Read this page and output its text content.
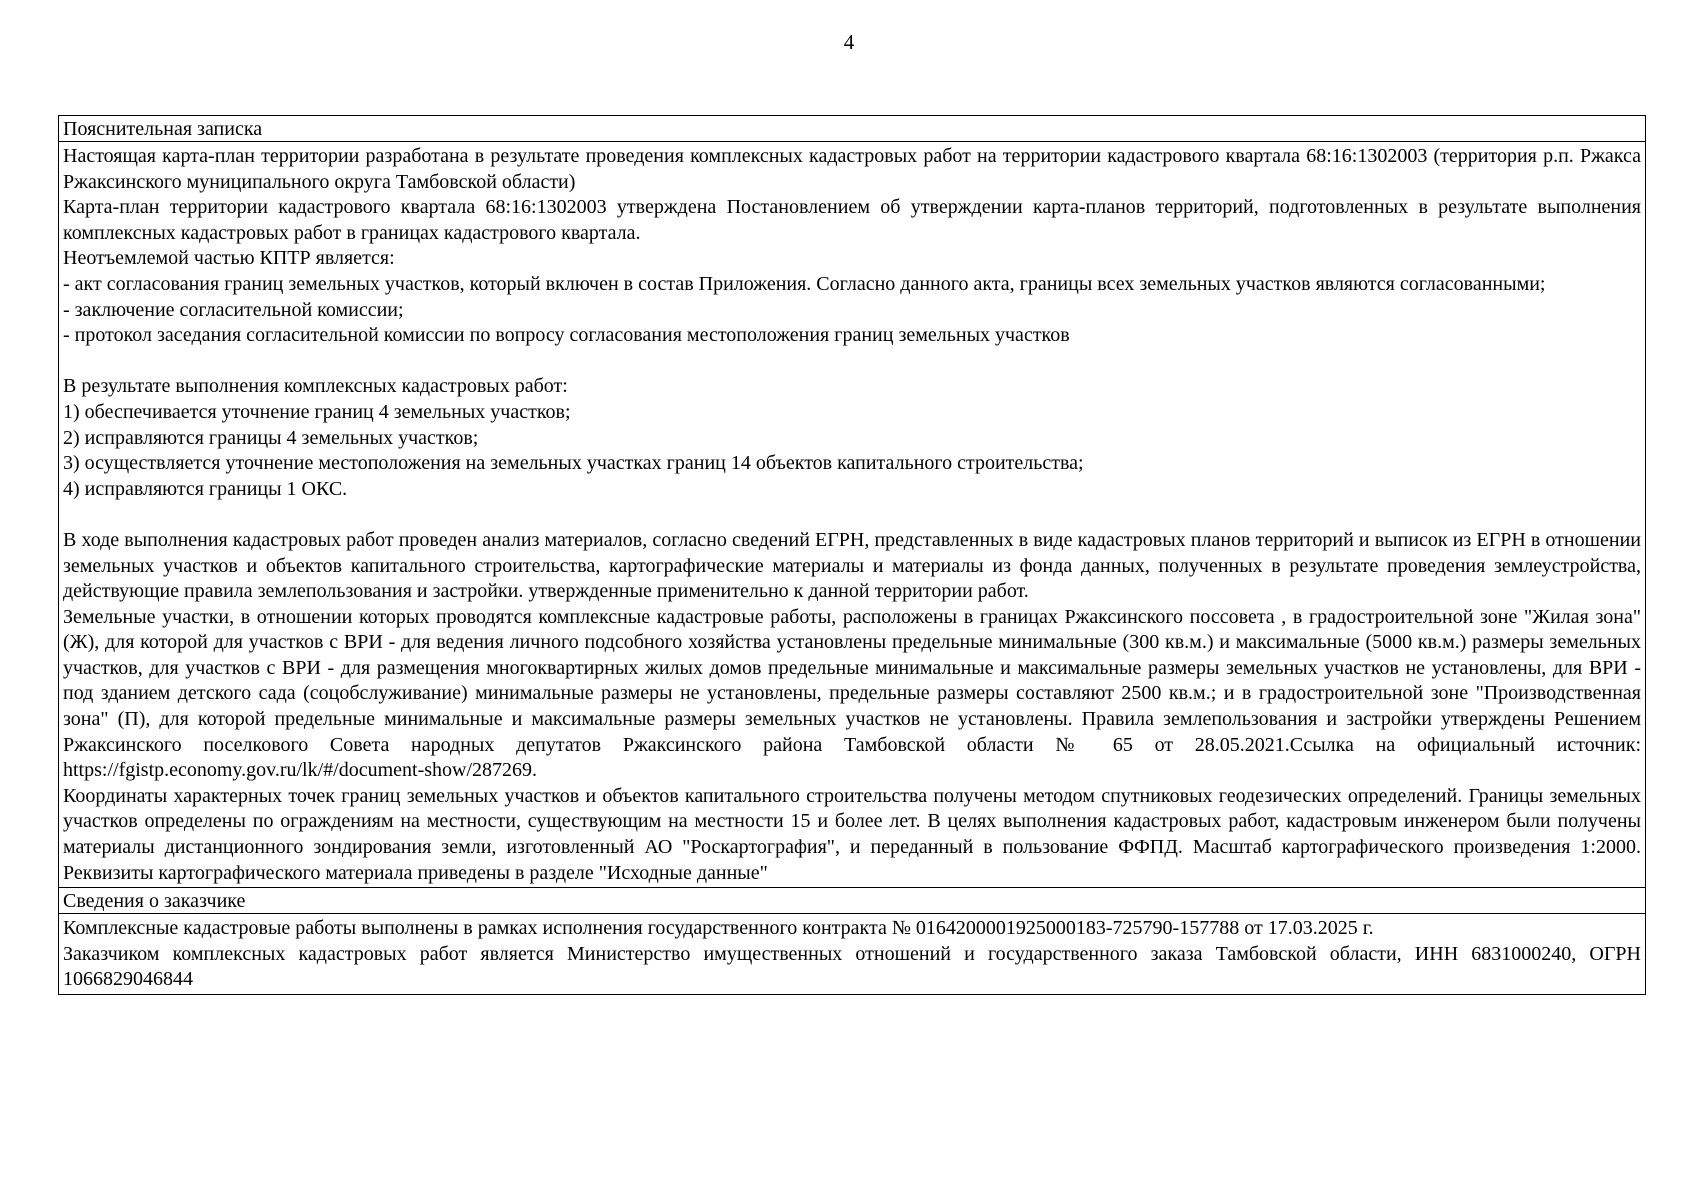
4
Пояснительная записка

Настоящая карта-план территории разработана в результате проведения комплексных кадастровых работ на территории кадастрового квартала 68:16:1302003 (территория р.п. Ржакса Ржаксинского муниципального округа Тамбовской области)

Карта-план территории кадастрового квартала 68:16:1302003 утверждена Постановлением об утверждении карта-планов территорий, подготовленных в результате выполнения комплексных кадастровых работ в границах кадастрового квартала.

Неотъемлемой частью КПТР является:

- акт согласования границ земельных участков, который включен в состав Приложения. Согласно данного акта, границы всех земельных участков являются согласованными;

- заключение согласительной комиссии;

- протокол заседания согласительной комиссии по вопросу согласования местоположения границ земельных участков

В результате выполнения комплексных кадастровых работ:

1) обеспечивается уточнение границ 4 земельных участков;

2) исправляются границы 4 земельных участков;

3) осуществляется уточнение местоположения на земельных участках границ 14 объектов капитального строительства;

4) исправляются границы 1 ОКС.

В ходе выполнения кадастровых работ проведен анализ материалов, согласно сведений ЕГРН, представленных в виде кадастровых планов территорий и выписок из ЕГРН в отношении земельных участков и объектов капитального строительства, картографические материалы и материалы из фонда данных, полученных в результате проведения землеустройства, действующие правила землепользования и застройки. утвержденные применительно к данной территории работ.

Земельные участки, в отношении которых проводятся комплексные кадастровые работы, расположены в границах Ржаксинского поссовета , в градостроительной зоне "Жилая зона" (Ж), для которой для участков с ВРИ - для ведения личного подсобного хозяйства установлены предельные минимальные (300 кв.м.) и максимальные (5000 кв.м.) размеры земельных участков, для участков с ВРИ - для размещения многоквартирных жилых домов предельные минимальные и максимальные размеры земельных участков не установлены, для ВРИ - под зданием детского сада (соцобслуживание) минимальные размеры не установлены, предельные размеры составляют 2500 кв.м.; и в градостроительной зоне "Производственная зона" (П), для которой предельные минимальные и максимальные размеры земельных участков не установлены. Правила землепользования и застройки утверждены Решением Ржаксинского поселкового Совета народных депутатов Ржаксинского района Тамбовской области № 65 от 28.05.2021.Ссылка на официальный источник: https://fgistp.economy.gov.ru/lk/#/document-show/287269.

Координаты характерных точек границ земельных участков и объектов капитального строительства получены методом спутниковых геодезических определений. Границы земельных участков определены по ограждениям на местности, существующим на местности 15 и более лет. В целях выполнения кадастровых работ, кадастровым инженером были получены материалы дистанционного зондирования земли, изготовленный АО "Роскартография", и переданный в пользование ФФПД. Масштаб картографического произведения 1:2000. Реквизиты картографического материала приведены в разделе "Исходные данные"

Сведения о заказчике

Комплексные кадастровые работы выполнены в рамках исполнения государственного контракта № 0164200001925000183-725790-157788 от 17.03.2025 г.

Заказчиком комплексных кадастровых работ является Министерство имущественных отношений и государственного заказа Тамбовской области, ИНН 6831000240, ОГРН 1066829046844
